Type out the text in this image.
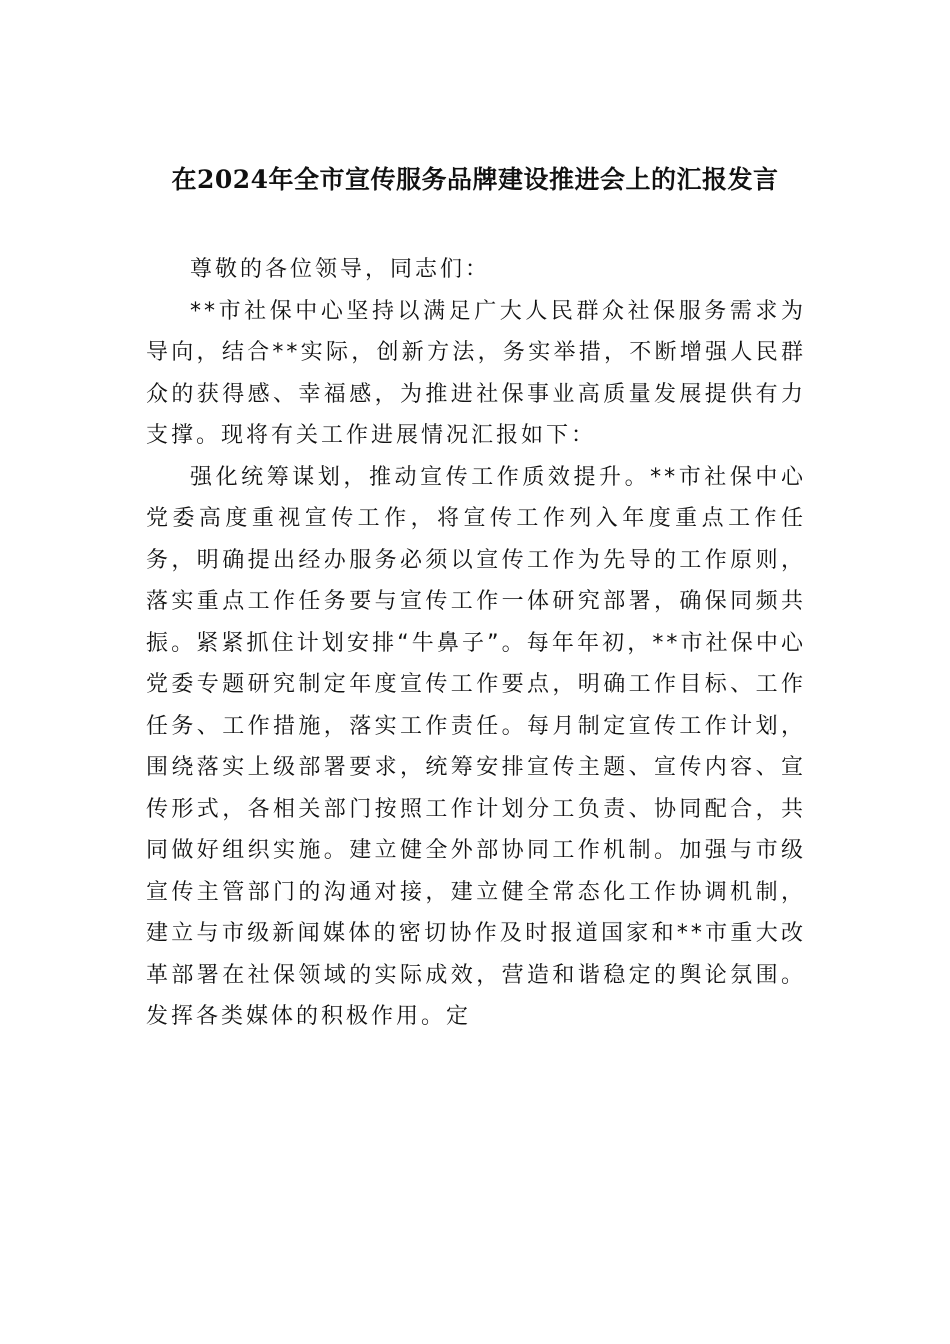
在2024年全市宣传服务品牌建设推进会上的汇报发言

尊敬的各位领导，同志们：

**市社保中心坚持以满足广大人民群众社保服务需求为导向，结合**实际，创新方法，务实举措，不断增强人民群众的获得感、幸福感，为推进社保事业高质量发展提供有力支撑。现将有关工作进展情况汇报如下：

强化统筹谋划，推动宣传工作质效提升。**市社保中心党委高度重视宣传工作，将宣传工作列入年度重点工作任务，明确提出经办服务必须以宣传工作为先导的工作原则，落实重点工作任务要与宣传工作一体研究部署，确保同频共振。紧紧抓住计划安排“牛鼻子”。每年年初，**市社保中心党委专题研究制定年度宣传工作要点，明确工作目标、工作任务、工作措施，落实工作责任。每月制定宣传工作计划，围绕落实上级部署要求，统筹安排宣传主题、宣传内容、宣传形式，各相关部门按照工作计划分工负责、协同配合，共同做好组织实施。建立健全外部协同工作机制。加强与市级宣传主管部门的沟通对接，建立健全常态化工作协调机制，建立与市级新闻媒体的密切协作及时报道国家和**市重大改革部署在社保领域的实际成效，营造和谐稳定的舆论氛围。发挥各类媒体的积极作用。定
